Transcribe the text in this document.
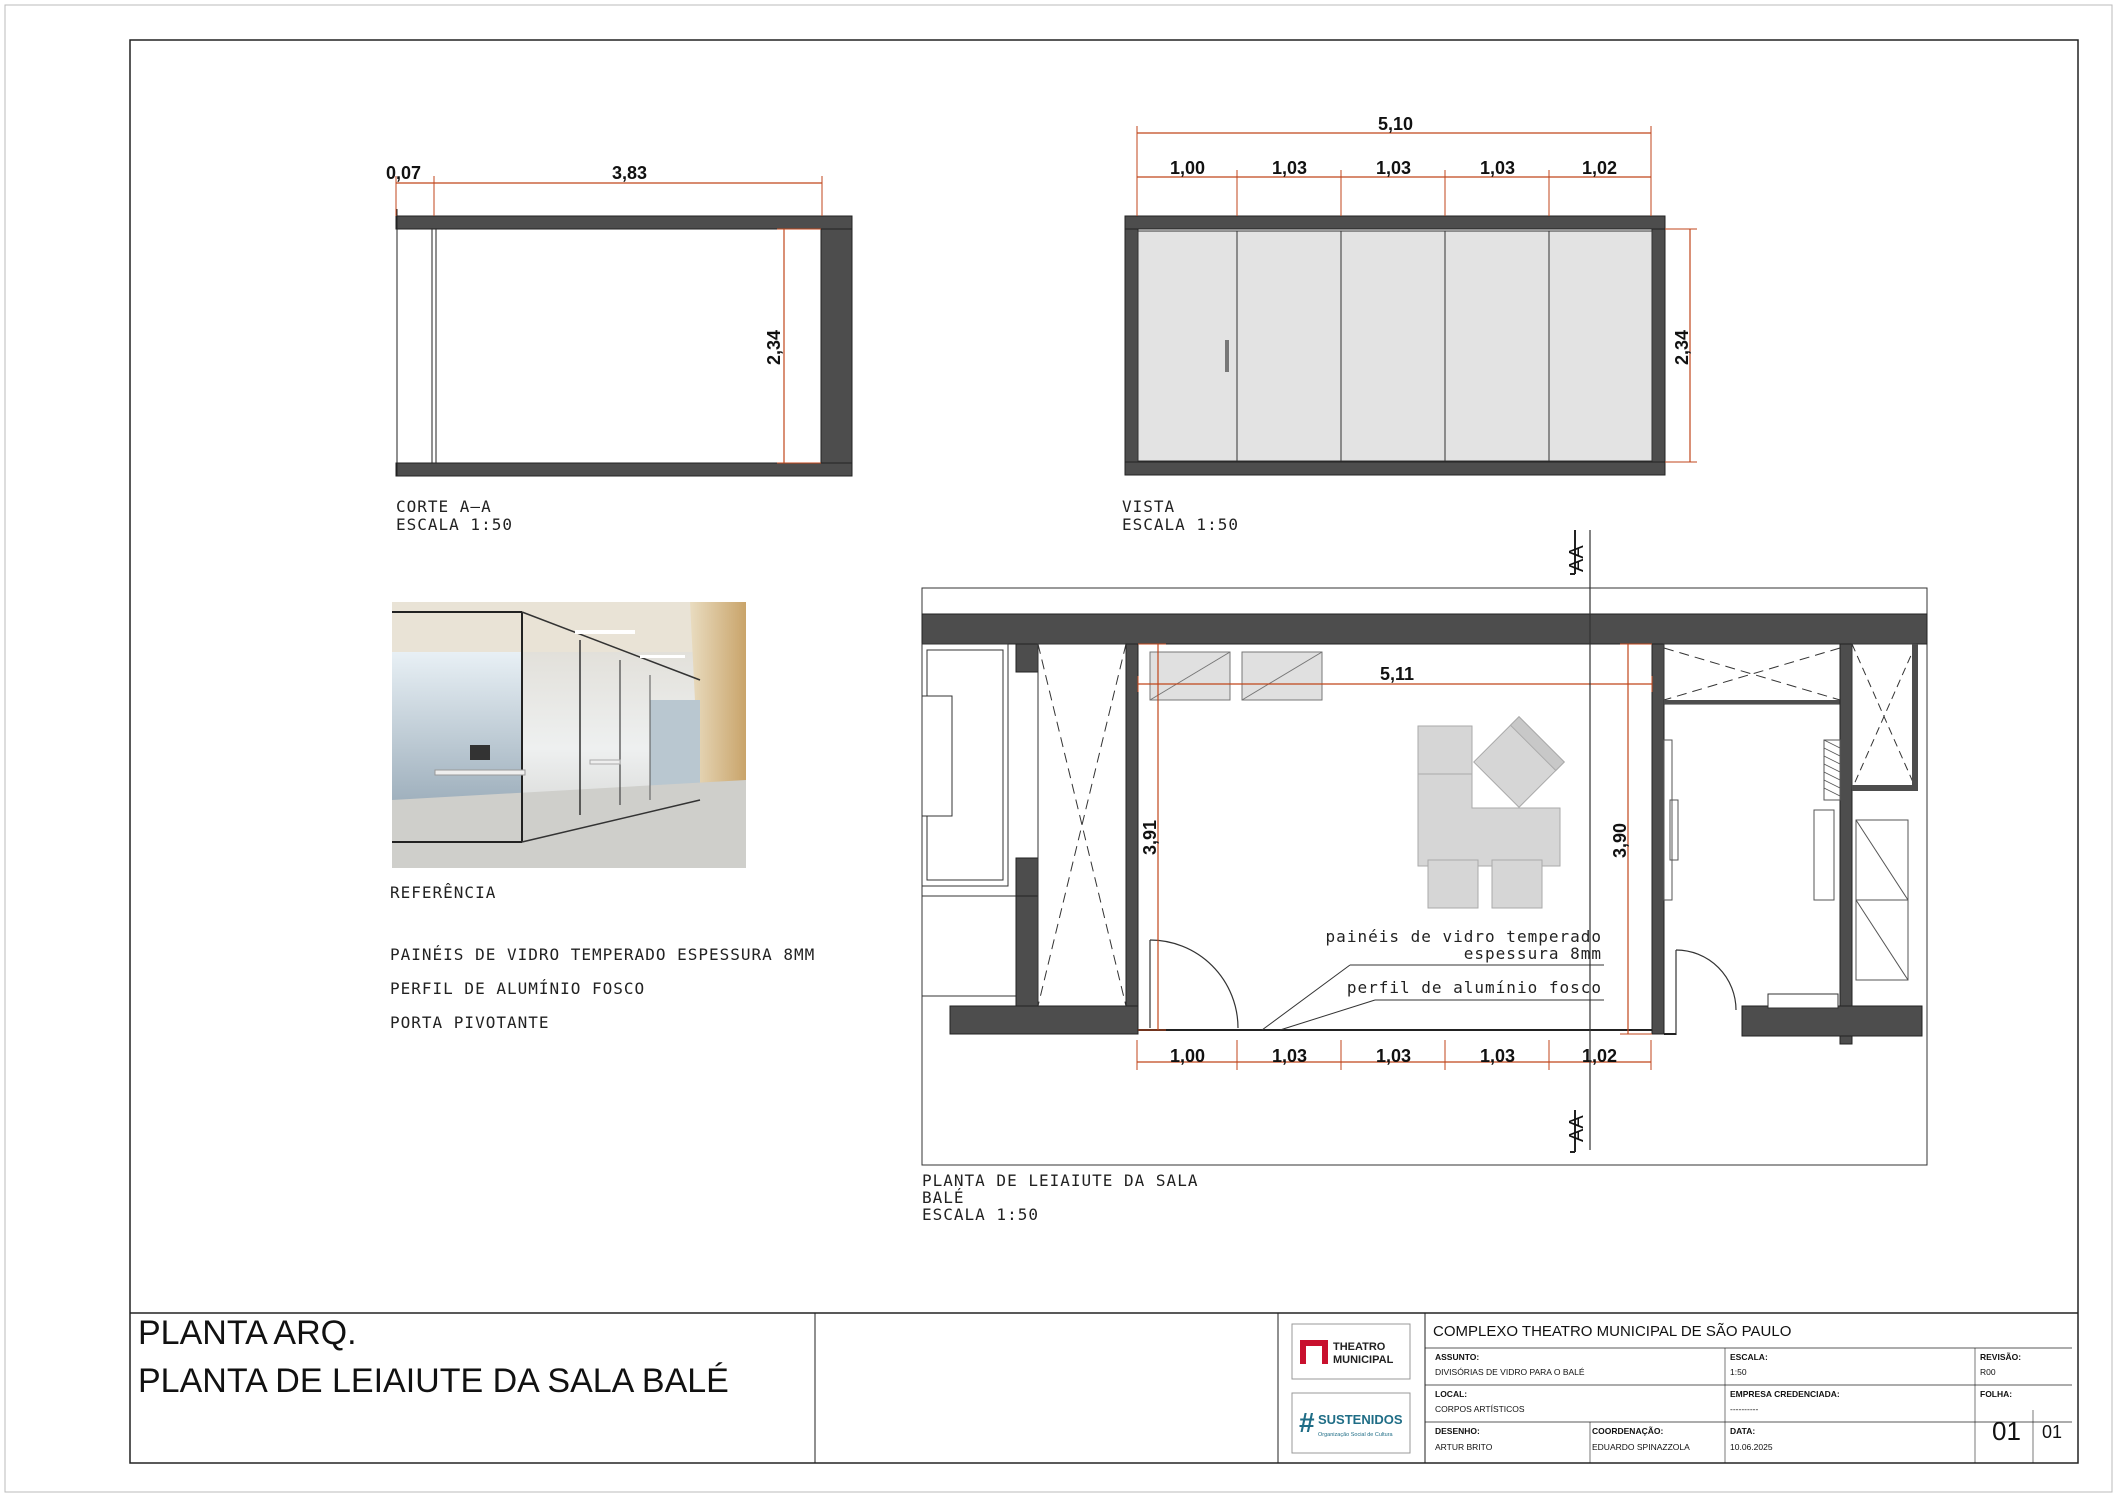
0,07	3,83
2,34
CORTE A—A
ESCALA 1:50
5,10
1,00	1,03	1,03	1,03	1,02
2,34
VISTA
ESCALA 1:50
REFERÊNCIA
PAINÉIS DE VIDRO TEMPERADO ESPESSURA 8MM
PERFIL DE ALUMÍNIO FOSCO
PORTA PIVOTANTE
5,11
3,91	3,90
1,00	1,03	1,03	1,03	1,02
painéis de vidro temperado
espessura 8mm
perfil de alumínio fosco
AA
AA
PLANTA DE LEIAIUTE DA SALA
BALÉ
ESCALA 1:50
PLANTA ARQ.
PLANTA DE LEIAIUTE DA SALA BALÉ
THEATRO
MUNICIPAL
# SUSTENIDOS
Organização Social de Cultura
COMPLEXO THEATRO MUNICIPAL DE SÃO PAULO
ASSUNTO:
DIVISÓRIAS DE VIDRO PARA O BALÉ
ESCALA:
1:50
REVISÃO:
R00
LOCAL:
CORPOS ARTÍSTICOS
EMPRESA CREDENCIADA:
----------
FOLHA:
DESENHO:
ARTUR BRITO
COORDENAÇÃO:
EDUARDO SPINAZZOLA
DATA:
10.06.2025
01 01
